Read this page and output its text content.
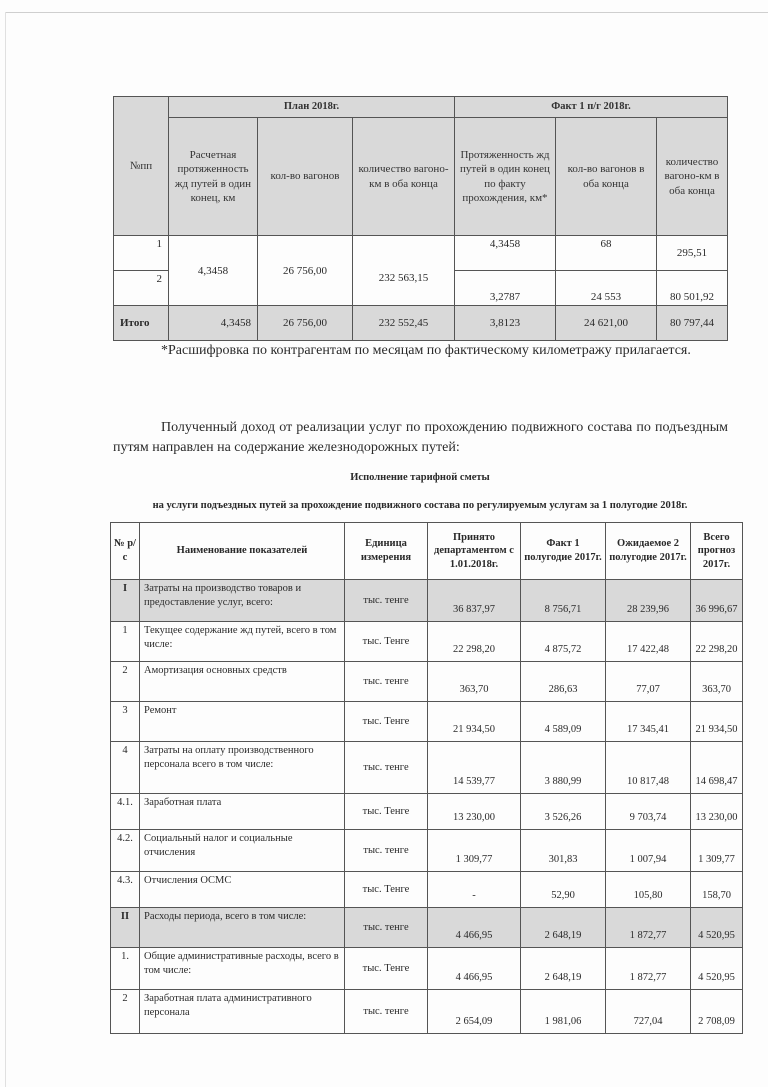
№пп	План 2018г.			Факт 1 п/г 2018г.		
	Расчетная протяженность жд путей в один конец, км	кол-во вагонов	количество вагоно-км в оба конца	Протяженность жд путей в один конец по факту прохождения, км*	кол-во вагонов в оба конца	количество вагоно-км в оба конца
1	4,3458	26 756,00	232 563,15	4,3458	68	295,51
2				3,2787	24 553	80 501,92
Итого	4,3458	26 756,00	232 552,45	3,8123	24 621,00	80 797,44

*Расшифровка по контрагентам по месяцам по фактическому километражу прилагается.

Полученный доход от реализации услуг по прохождению подвижного состава по подъездным путям направлен на содержание железнодорожных путей:

Исполнение тарифной сметы
на услуги подъездных путей за прохождение подвижного состава по регулируемым услугам за 1 полугодие 2018г.
№ р/с	Наименование показателей	Единица измерения	Принято департаментом с 1.01.2018г.	Факт 1 полугодие 2017г.	Ожидаемое 2 полугодие 2017г.	Всего прогноз 2017г.
I	Затраты на производство товаров и предоставление услуг, всего:	тыс. тенге	36 837,97	8 756,71	28 239,96	36 996,67
1	Текущее содержание жд путей, всего в том числе:	тыс. Тенге	22 298,20	4 875,72	17 422,48	22 298,20
2	Амортизация основных средств	тыс. тенге	363,70	286,63	77,07	363,70
3	Ремонт	тыс. Тенге	21 934,50	4 589,09	17 345,41	21 934,50
4	Затраты на оплату производственного персонала всего в том числе:	тыс. тенге	14 539,77	3 880,99	10 817,48	14 698,47
4.1.	Заработная плата	тыс. Тенге	13 230,00	3 526,26	9 703,74	13 230,00
4.2.	Социальный налог и социальные отчисления	тыс. тенге	1 309,77	301,83	1 007,94	1 309,77
4.3.	Отчисления ОСМС	тыс. Тенге	-	52,90	105,80	158,70
II	Расходы периода, всего в том числе:	тыс. тенге	4 466,95	2 648,19	1 872,77	4 520,95
1.	Общие административные расходы, всего в том числе:	тыс. Тенге	4 466,95	2 648,19	1 872,77	4 520,95
2	Заработная плата административного персонала	тыс. тенге	2 654,09	1 981,06	727,04	2 708,09
